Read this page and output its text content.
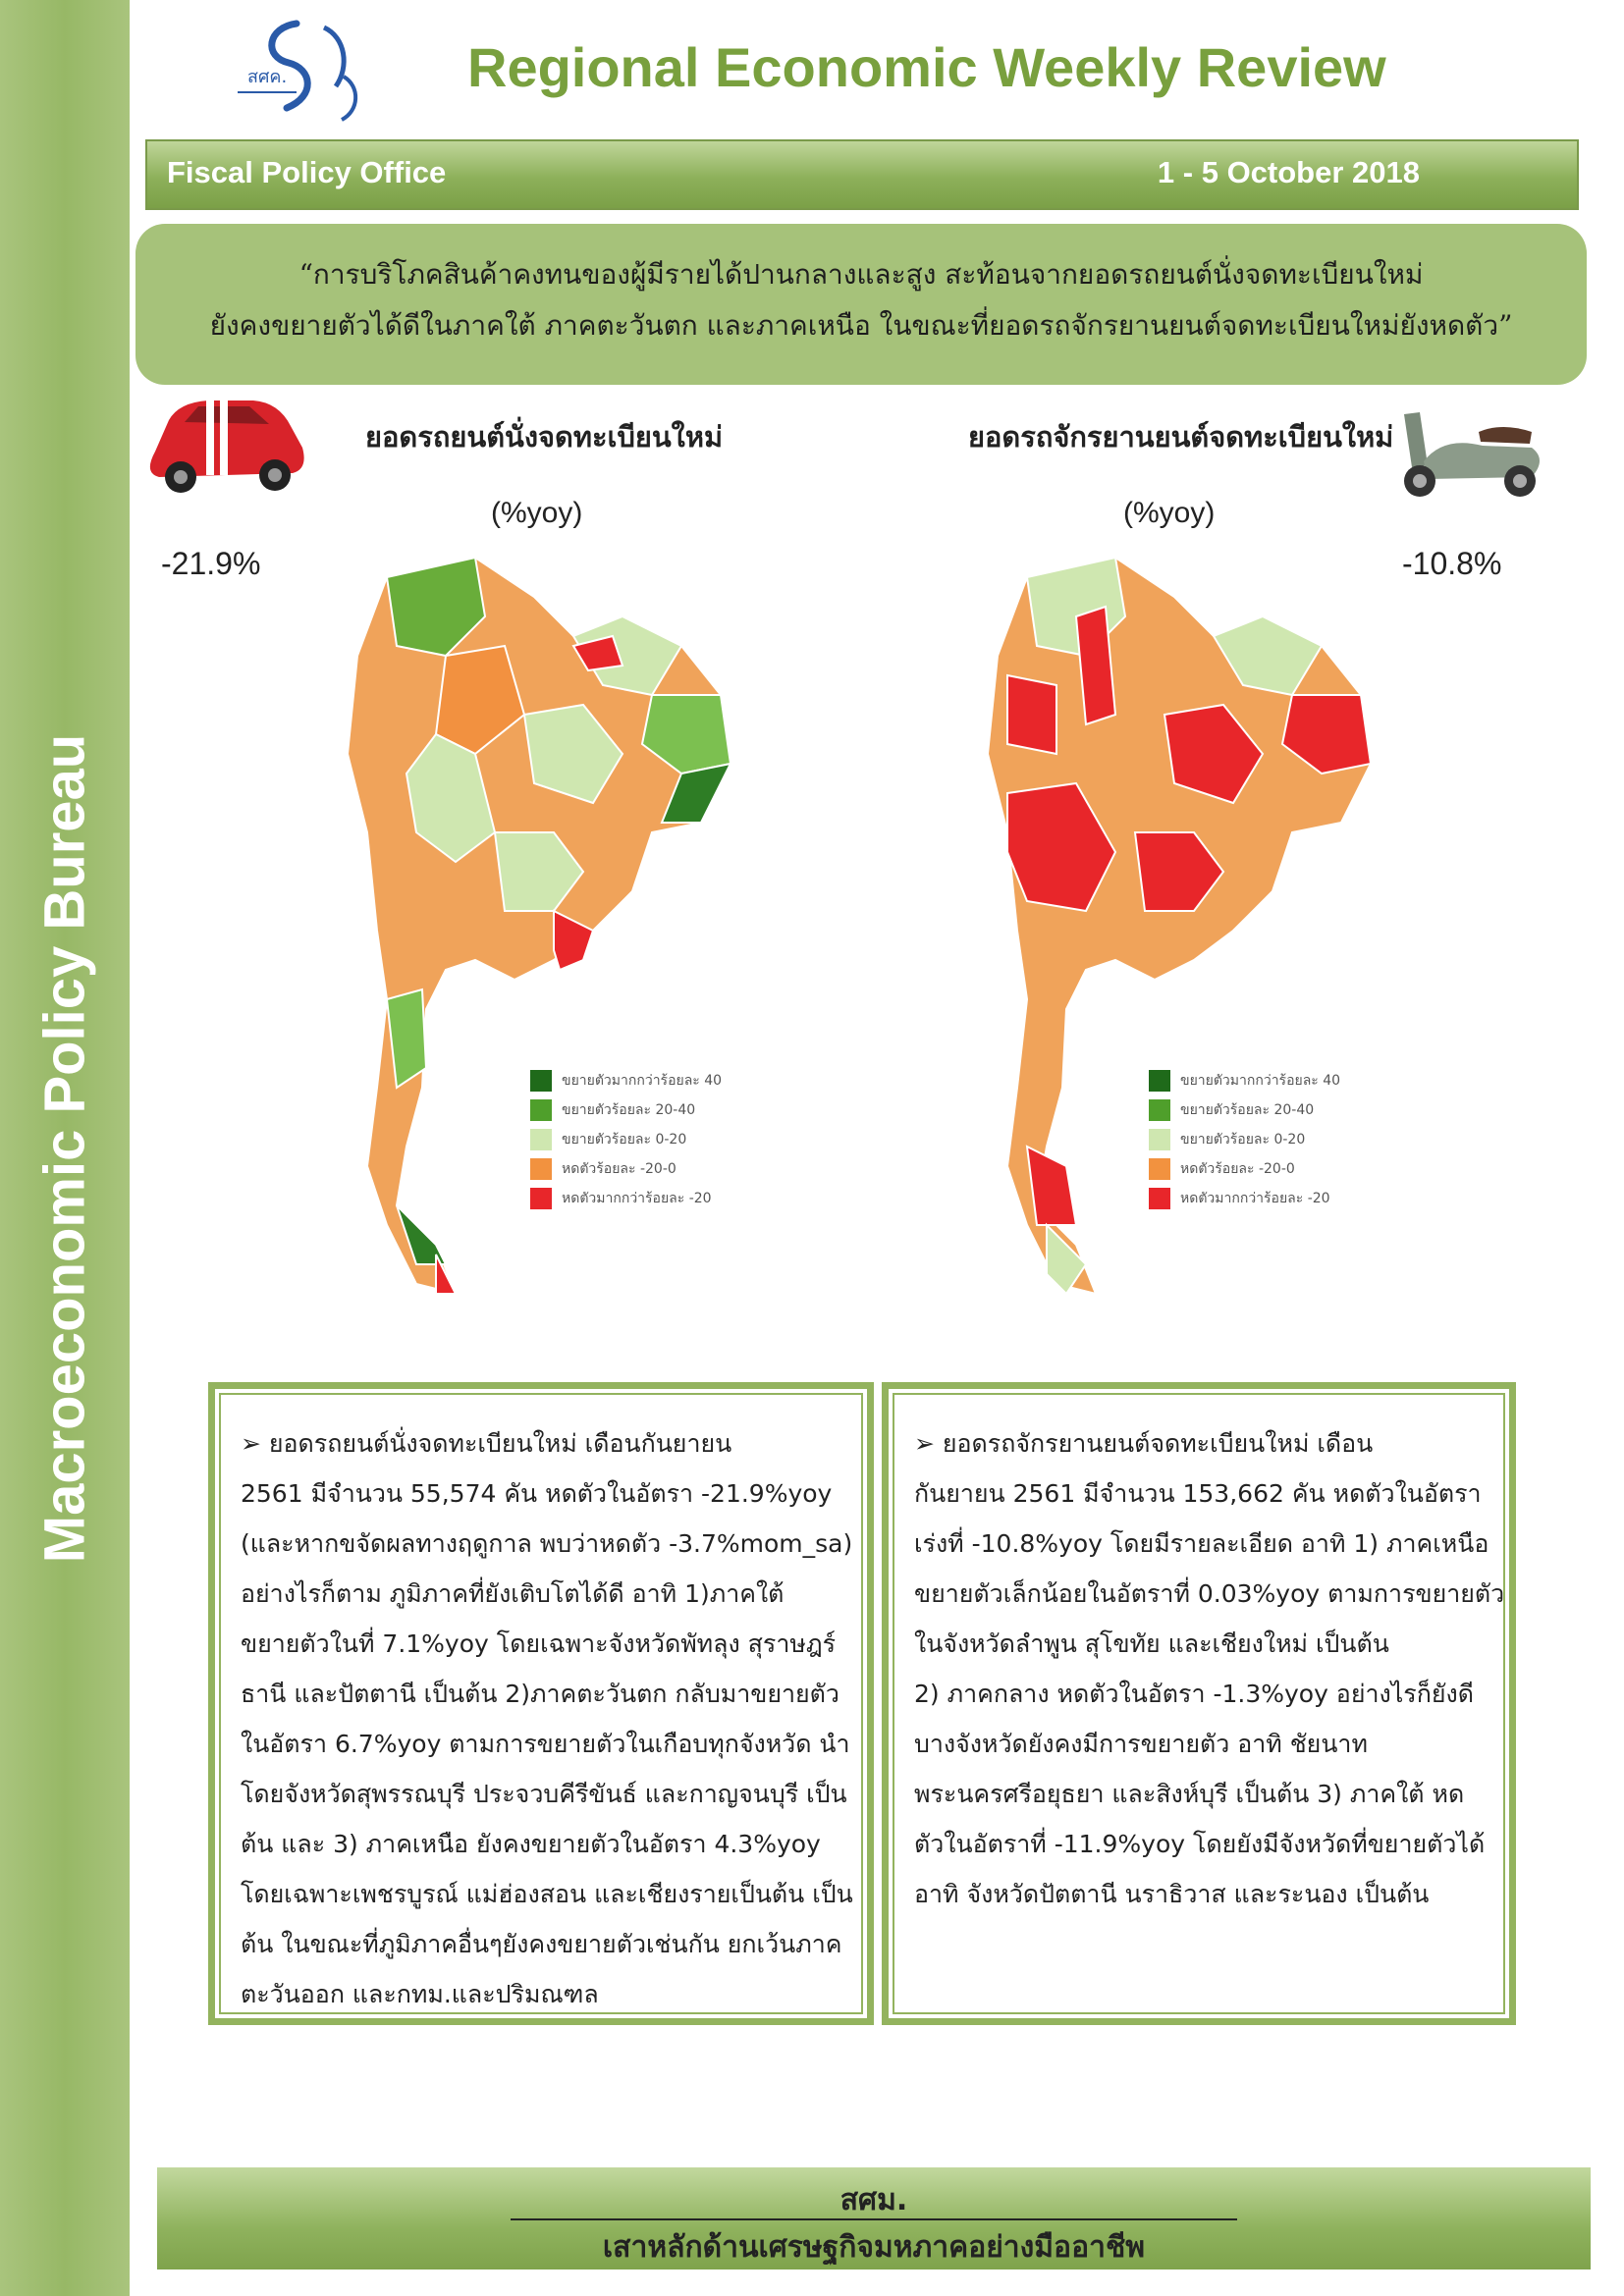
Macroeconomic Policy Bureau
สศค.	Regional Economic Weekly Review
Fiscal Policy Office	1 - 5 October 2018
“การบริโภคสินค้าคงทนของผู้มีรายได้ปานกลางและสูง สะท้อนจากยอดรถยนต์นั่งจดทะเบียนใหม่
ยังคงขยายตัวได้ดีในภาคใต้ ภาคตะวันตก และภาคเหนือ ในขณะที่ยอดรถจักรยานยนต์จดทะเบียนใหม่ยังหดตัว”
ยอดรถยนต์นั่งจดทะเบียนใหม่	ยอดรถจักรยานยนต์จดทะเบียนใหม่
(%yoy)	(%yoy)
-21.9%	-10.8%
ขยายตัวมากกว่าร้อยละ 40
ขยายตัวร้อยละ 20-40
ขยายตัวร้อยละ 0-20
หดตัวร้อยละ -20-0
หดตัวมากกว่าร้อยละ -20
ขยายตัวมากกว่าร้อยละ 40
ขยายตัวร้อยละ 20-40
ขยายตัวร้อยละ 0-20
หดตัวร้อยละ -20-0
หดตัวมากกว่าร้อยละ -20
➢ ยอดรถยนต์นั่งจดทะเบียนใหม่ เดือนกันยายน
2561 มีจำนวน 55,574 คัน หดตัวในอัตรา -21.9%yoy
(และหากขจัดผลทางฤดูกาล พบว่าหดตัว -3.7%mom_sa)
อย่างไรก็ตาม ภูมิภาคที่ยังเติบโตได้ดี อาทิ 1)ภาคใต้
ขยายตัวในที่ 7.1%yoy โดยเฉพาะจังหวัดพัทลุง สุราษฎร์
ธานี และปัตตานี เป็นต้น 2)ภาคตะวันตก กลับมาขยายตัว
ในอัตรา 6.7%yoy ตามการขยายตัวในเกือบทุกจังหวัด นำ
โดยจังหวัดสุพรรณบุรี ประจวบคีรีขันธ์ และกาญจนบุรี เป็น
ต้น และ 3) ภาคเหนือ ยังคงขยายตัวในอัตรา 4.3%yoy
โดยเฉพาะเพชรบูรณ์ แม่ฮ่องสอน และเชียงรายเป็นต้น เป็น
ต้น ในขณะที่ภูมิภาคอื่นๆยังคงขยายตัวเช่นกัน ยกเว้นภาค
ตะวันออก และกทม.และปริมณฑล
➢ ยอดรถจักรยานยนต์จดทะเบียนใหม่ เดือน
กันยายน 2561 มีจำนวน 153,662 คัน หดตัวในอัตรา
เร่งที่ -10.8%yoy โดยมีรายละเอียด อาทิ 1) ภาคเหนือ
ขยายตัวเล็กน้อยในอัตราที่ 0.03%yoy ตามการขยายตัว
ในจังหวัดลำพูน สุโขทัย และเชียงใหม่ เป็นต้น
2) ภาคกลาง หดตัวในอัตรา -1.3%yoy อย่างไรก็ยังดี
บางจังหวัดยังคงมีการขยายตัว อาทิ ชัยนาท
พระนครศรีอยุธยา และสิงห์บุรี เป็นต้น 3) ภาคใต้ หด
ตัวในอัตราที่ -11.9%yoy โดยยังมีจังหวัดที่ขยายตัวได้
อาทิ จังหวัดปัตตานี นราธิวาส และระนอง เป็นต้น
สศม.
เสาหลักด้านเศรษฐกิจมหภาคอย่างมืออาชีพ
